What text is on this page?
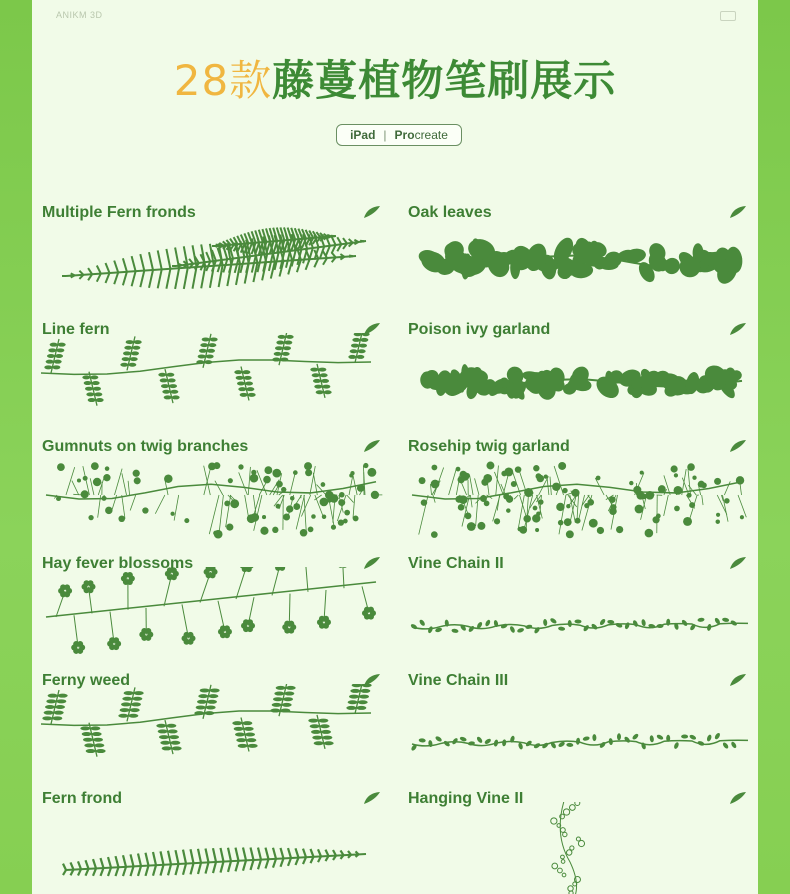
ANIKM 3D
28款藤蔓植物笔刷展示
iPad | Procreate
Multiple Fern fronds	Oak leaves
Line fern	Poison ivy garland
Gumnuts on twig branches	Rosehip twig garland
Hay fever blossoms	Vine Chain II
Ferny weed	Vine Chain III
Fern frond	Hanging Vine II
